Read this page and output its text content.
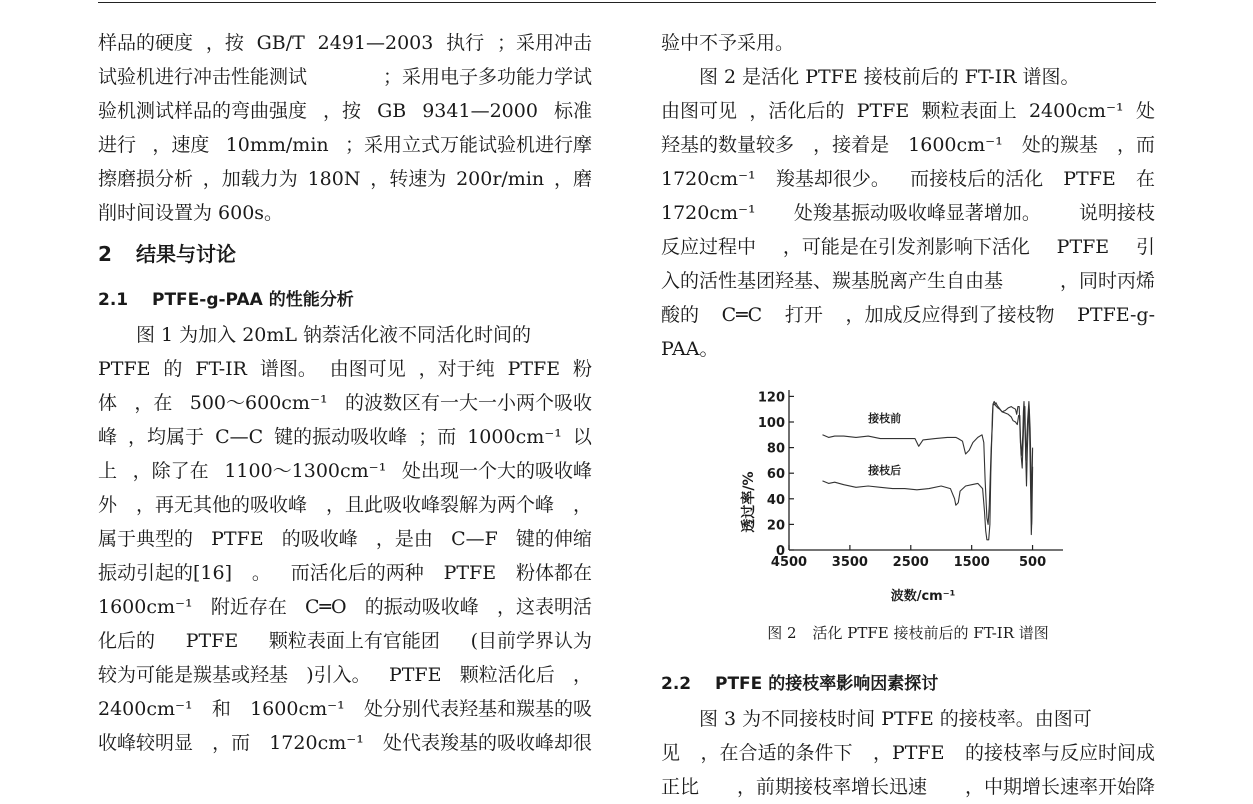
样品的硬度 ，按 GB/T 2491—2003 执行 ；采用冲击
试验机进行冲击性能测试	；采用电子多功能力学试
验机测试样品的弯曲强度 ，按 GB 9341—2000 标准
进行 ，速度 10mm/min ；采用立式万能试验机进行摩
擦磨损分析 ，加载力为 180N ，转速为 200r/min ，磨
削时间设置为 600s。
2 结果与讨论
2.1 PTFE-g-PAA 的性能分析
图 1 为加入 20mL 钠萘活化液不同活化时间的
PTFE 的 FT-IR 谱图。 由图可见 ，对于纯 PTFE 粉
体 ，在 500～600cm⁻¹ 的波数区有一大一小两个吸收
峰 ，均属于 C—C 键的振动吸收峰 ；而 1000cm⁻¹ 以
上 ，除了在 1100～1300cm⁻¹ 处出现一个大的吸收峰
外 ，再无其他的吸收峰 ，且此吸收峰裂解为两个峰 ，
属于典型的 PTFE 的吸收峰 ，是由 C—F 键的伸缩
振动引起的[16] 。 而活化后的两种 PTFE 粉体都在
1600cm⁻¹ 附近存在 C═O 的振动吸收峰 ，这表明活
化后的 PTFE 颗粒表面上有官能团 (目前学界认为
较为可能是羰基或羟基 )引入。 PTFE 颗粒活化后 ，
2400cm⁻¹ 和 1600cm⁻¹ 处分别代表羟基和羰基的吸
收峰较明显 ，而 1720cm⁻¹ 处代表羧基的吸收峰却很
验中不予采用。
图 2 是活化 PTFE 接枝前后的 FT-IR 谱图。
由图可见 ，活化后的 PTFE 颗粒表面上 2400cm⁻¹ 处
羟基的数量较多 ，接着是 1600cm⁻¹ 处的羰基 ，而
1720cm⁻¹ 羧基却很少。 而接枝后的活化 PTFE 在
1720cm⁻¹ 处羧基振动吸收峰显著增加。 说明接枝
反应过程中 ，可能是在引发剂影响下活化 PTFE 引
入的活性基团羟基、羰基脱离产生自由基	，同时丙烯
酸的 C═C 打开 ，加成反应得到了接枝物 PTFE-g-
PAA。
透过率/%
波数/cm⁻¹
0
20
40
60
80
100
120
4500 3500 2500 1500 500
接枝前
接枝后
图 2 活化 PTFE 接枝前后的 FT-IR 谱图
2.2 PTFE 的接枝率影响因素探讨
图 3 为不同接枝时间 PTFE 的接枝率。由图可
见 ，在合适的条件下 ，PTFE 的接枝率与反应时间成
正比 ，前期接枝率增长迅速 ，中期增长速率开始降
